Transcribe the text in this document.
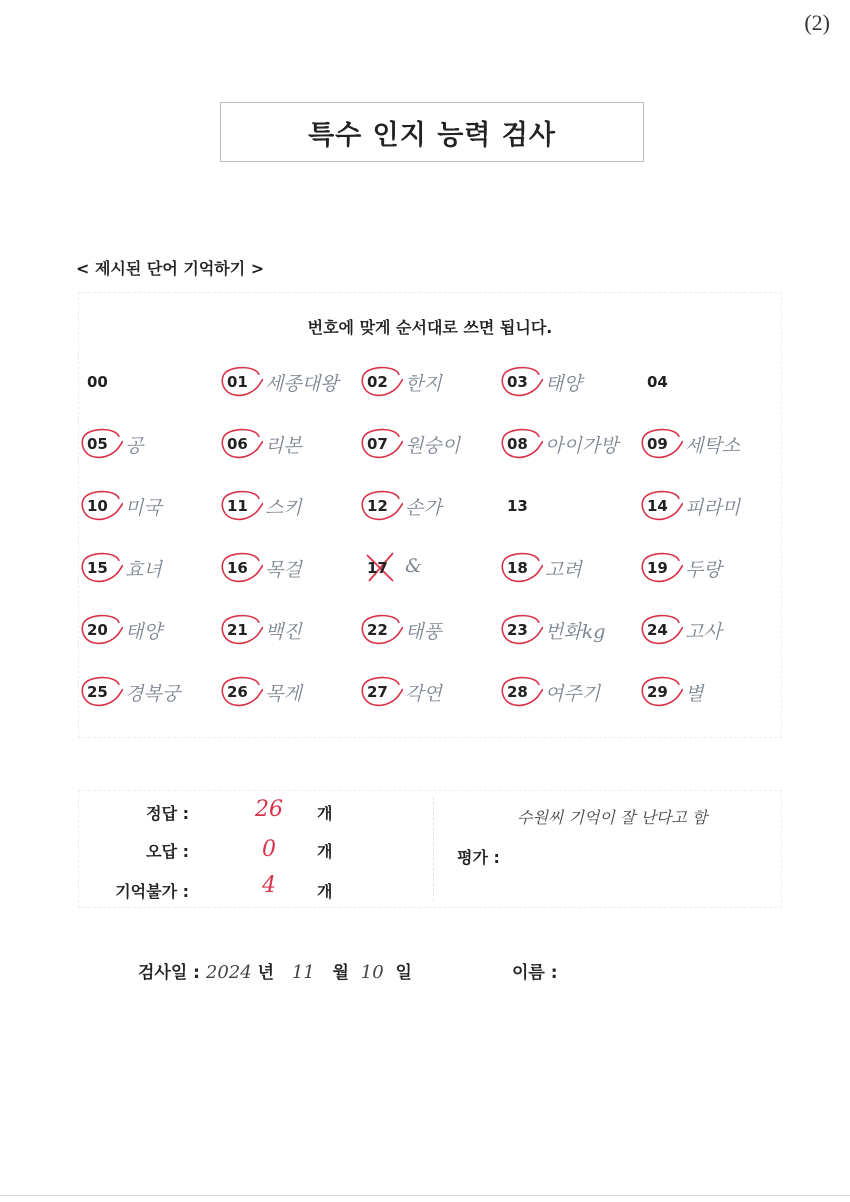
(2)
특수 인지 능력 검사
< 제시된 단어 기억하기 >
번호에 맞게 순서대로 쓰면 됩니다.
00	01 세종대왕 02 한지	03 태양	04
05 공	06 리본	07 원숭이	08 아이가방 09 세탁소
10 미국	11 스키	12 손가	13	14 피라미
15 효녀	16 목걸	17 &	18 고려	19 두랑
20 태양	21 백진	22 태풍	23 번화kg	24 고사
25 경복궁	26 목게	27 각연	28 여주기	29 별
정답 :	26	개
오답 :	0	개
기억불가 :	4	개
평가 :
수원씨 기억이 잘 난다고 함
검사일 : 2024 년 11 월 10 일	이름 :
